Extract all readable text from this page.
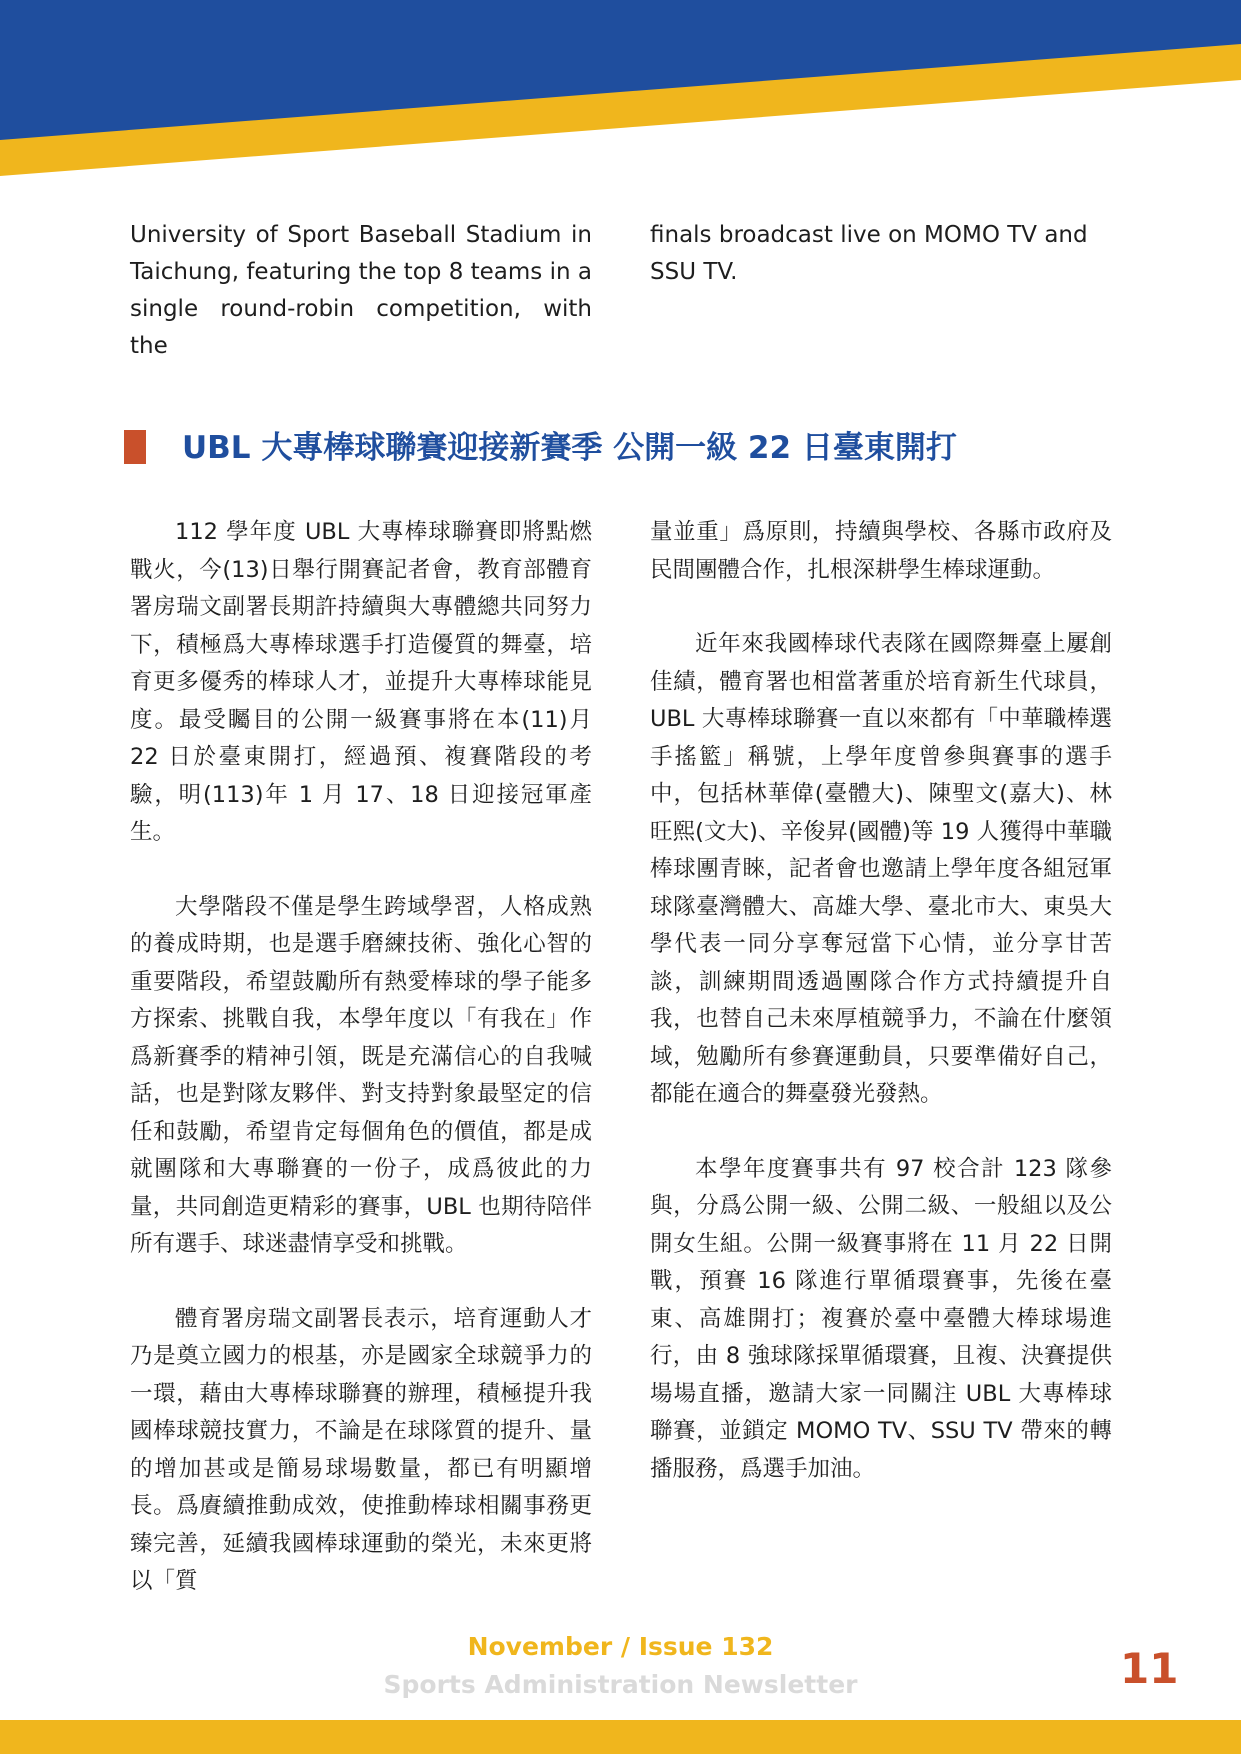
University of Sport Baseball Stadium in Taichung, featuring the top 8 teams in a single round-robin competition, with the

finals broadcast live on MOMO TV and SSU TV.

UBL 大專棒球聯賽迎接新賽季 公開一級 22 日臺東開打

112 學年度 UBL 大專棒球聯賽即將點燃戰火，今(13)日舉行開賽記者會，教育部體育署房瑞文副署長期許持續與大專體總共同努力下，積極爲大專棒球選手打造優質的舞臺，培育更多優秀的棒球人才，並提升大專棒球能見度。最受矚目的公開一級賽事將在本(11)月 22 日於臺東開打，經過預、複賽階段的考驗，明(113)年 1 月 17、18 日迎接冠軍產生。

大學階段不僅是學生跨域學習，人格成熟的養成時期，也是選手磨練技術、強化心智的重要階段，希望鼓勵所有熱愛棒球的學子能多方探索、挑戰自我，本學年度以「有我在」作爲新賽季的精神引領，既是充滿信心的自我喊話，也是對隊友夥伴、對支持對象最堅定的信任和鼓勵，希望肯定每個角色的價值，都是成就團隊和大專聯賽的一份子，成爲彼此的力量，共同創造更精彩的賽事，UBL 也期待陪伴所有選手、球迷盡情享受和挑戰。

體育署房瑞文副署長表示，培育運動人才乃是奠立國力的根基，亦是國家全球競爭力的一環，藉由大專棒球聯賽的辦理，積極提升我國棒球競技實力，不論是在球隊質的提升、量的增加甚或是簡易球場數量，都已有明顯增長。爲賡續推動成效，使推動棒球相關事務更臻完善，延續我國棒球運動的榮光，未來更將以「質

量並重」爲原則，持續與學校、各縣市政府及民間團體合作，扎根深耕學生棒球運動。

近年來我國棒球代表隊在國際舞臺上屢創佳績，體育署也相當著重於培育新生代球員，UBL 大專棒球聯賽一直以來都有「中華職棒選手搖籃」稱號，上學年度曾參與賽事的選手中，包括林華偉(臺體大)、陳聖文(嘉大)、林旺熙(文大)、辛俊昇(國體)等 19 人獲得中華職棒球團青睞，記者會也邀請上學年度各組冠軍球隊臺灣體大、高雄大學、臺北市大、東吳大學代表一同分享奪冠當下心情，並分享甘苦談，訓練期間透過團隊合作方式持續提升自我，也替自己未來厚植競爭力，不論在什麼領域，勉勵所有參賽運動員，只要準備好自己，都能在適合的舞臺發光發熱。

本學年度賽事共有 97 校合計 123 隊參與，分爲公開一級、公開二級、一般組以及公開女生組。公開一級賽事將在 11 月 22 日開戰，預賽 16 隊進行單循環賽事，先後在臺東、高雄開打；複賽於臺中臺體大棒球場進行，由 8 強球隊採單循環賽，且複、決賽提供場場直播，邀請大家一同關注 UBL 大專棒球聯賽，並鎖定 MOMO TV、SSU TV 帶來的轉播服務，爲選手加油。

November / Issue 132
Sports Administration Newsletter	11
